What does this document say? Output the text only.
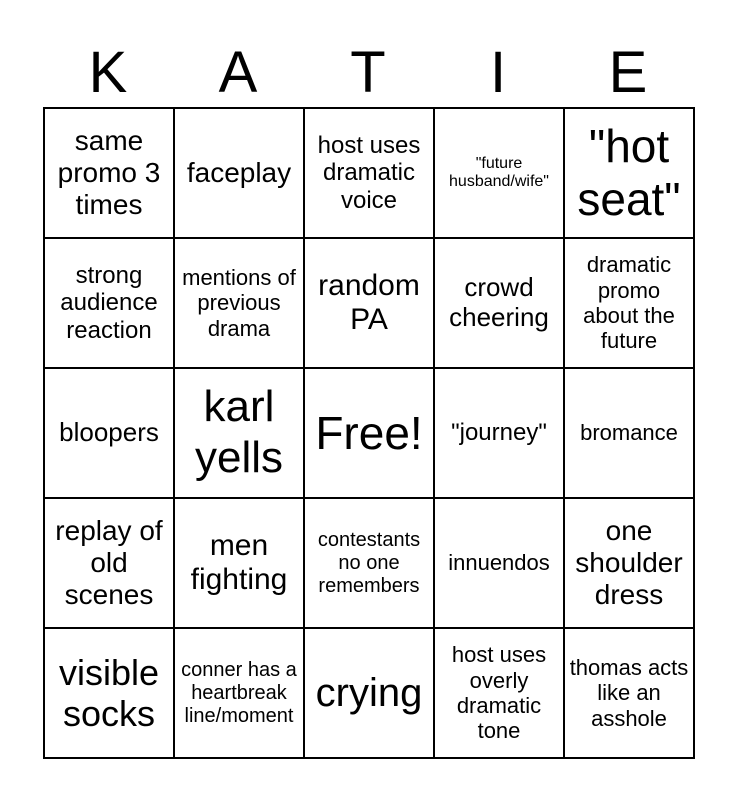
K	A	T	I	E
same promo 3 times	faceplay	host uses dramatic voice	"future husband/wife"	"hot seat"
strong audience reaction	mentions of previous drama	random PA	crowd cheering	dramatic promo about the future
bloopers	karl yells	Free!	"journey"	bromance
replay of old scenes	men fighting	contestants no one remembers	innuendos	one shoulder dress
visible socks	conner has a heartbreak line/moment	crying	host uses overly dramatic tone	thomas acts like an asshole
